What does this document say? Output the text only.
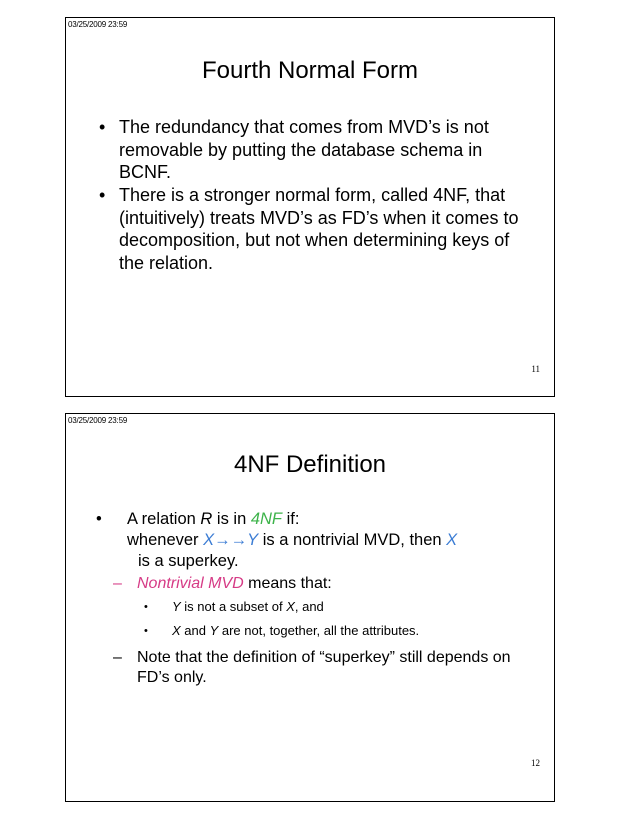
03/25/2009 23:59
Fourth Normal Form
• The redundancy that comes from MVD’s is not removable by putting the database schema in BCNF.
• There is a stronger normal form, called 4NF, that (intuitively) treats MVD’s as FD’s when it comes to decomposition, but not when determining keys of the relation.
11
03/25/2009 23:59
4NF Definition
• A relation R is in 4NF if:
whenever X→→Y is a nontrivial MVD, then X
is a superkey.
– Nontrivial MVD means that:
• Y is not a subset of X, and
• X and Y are not, together, all the attributes.
– Note that the definition of “superkey” still depends on FD’s only.
12
